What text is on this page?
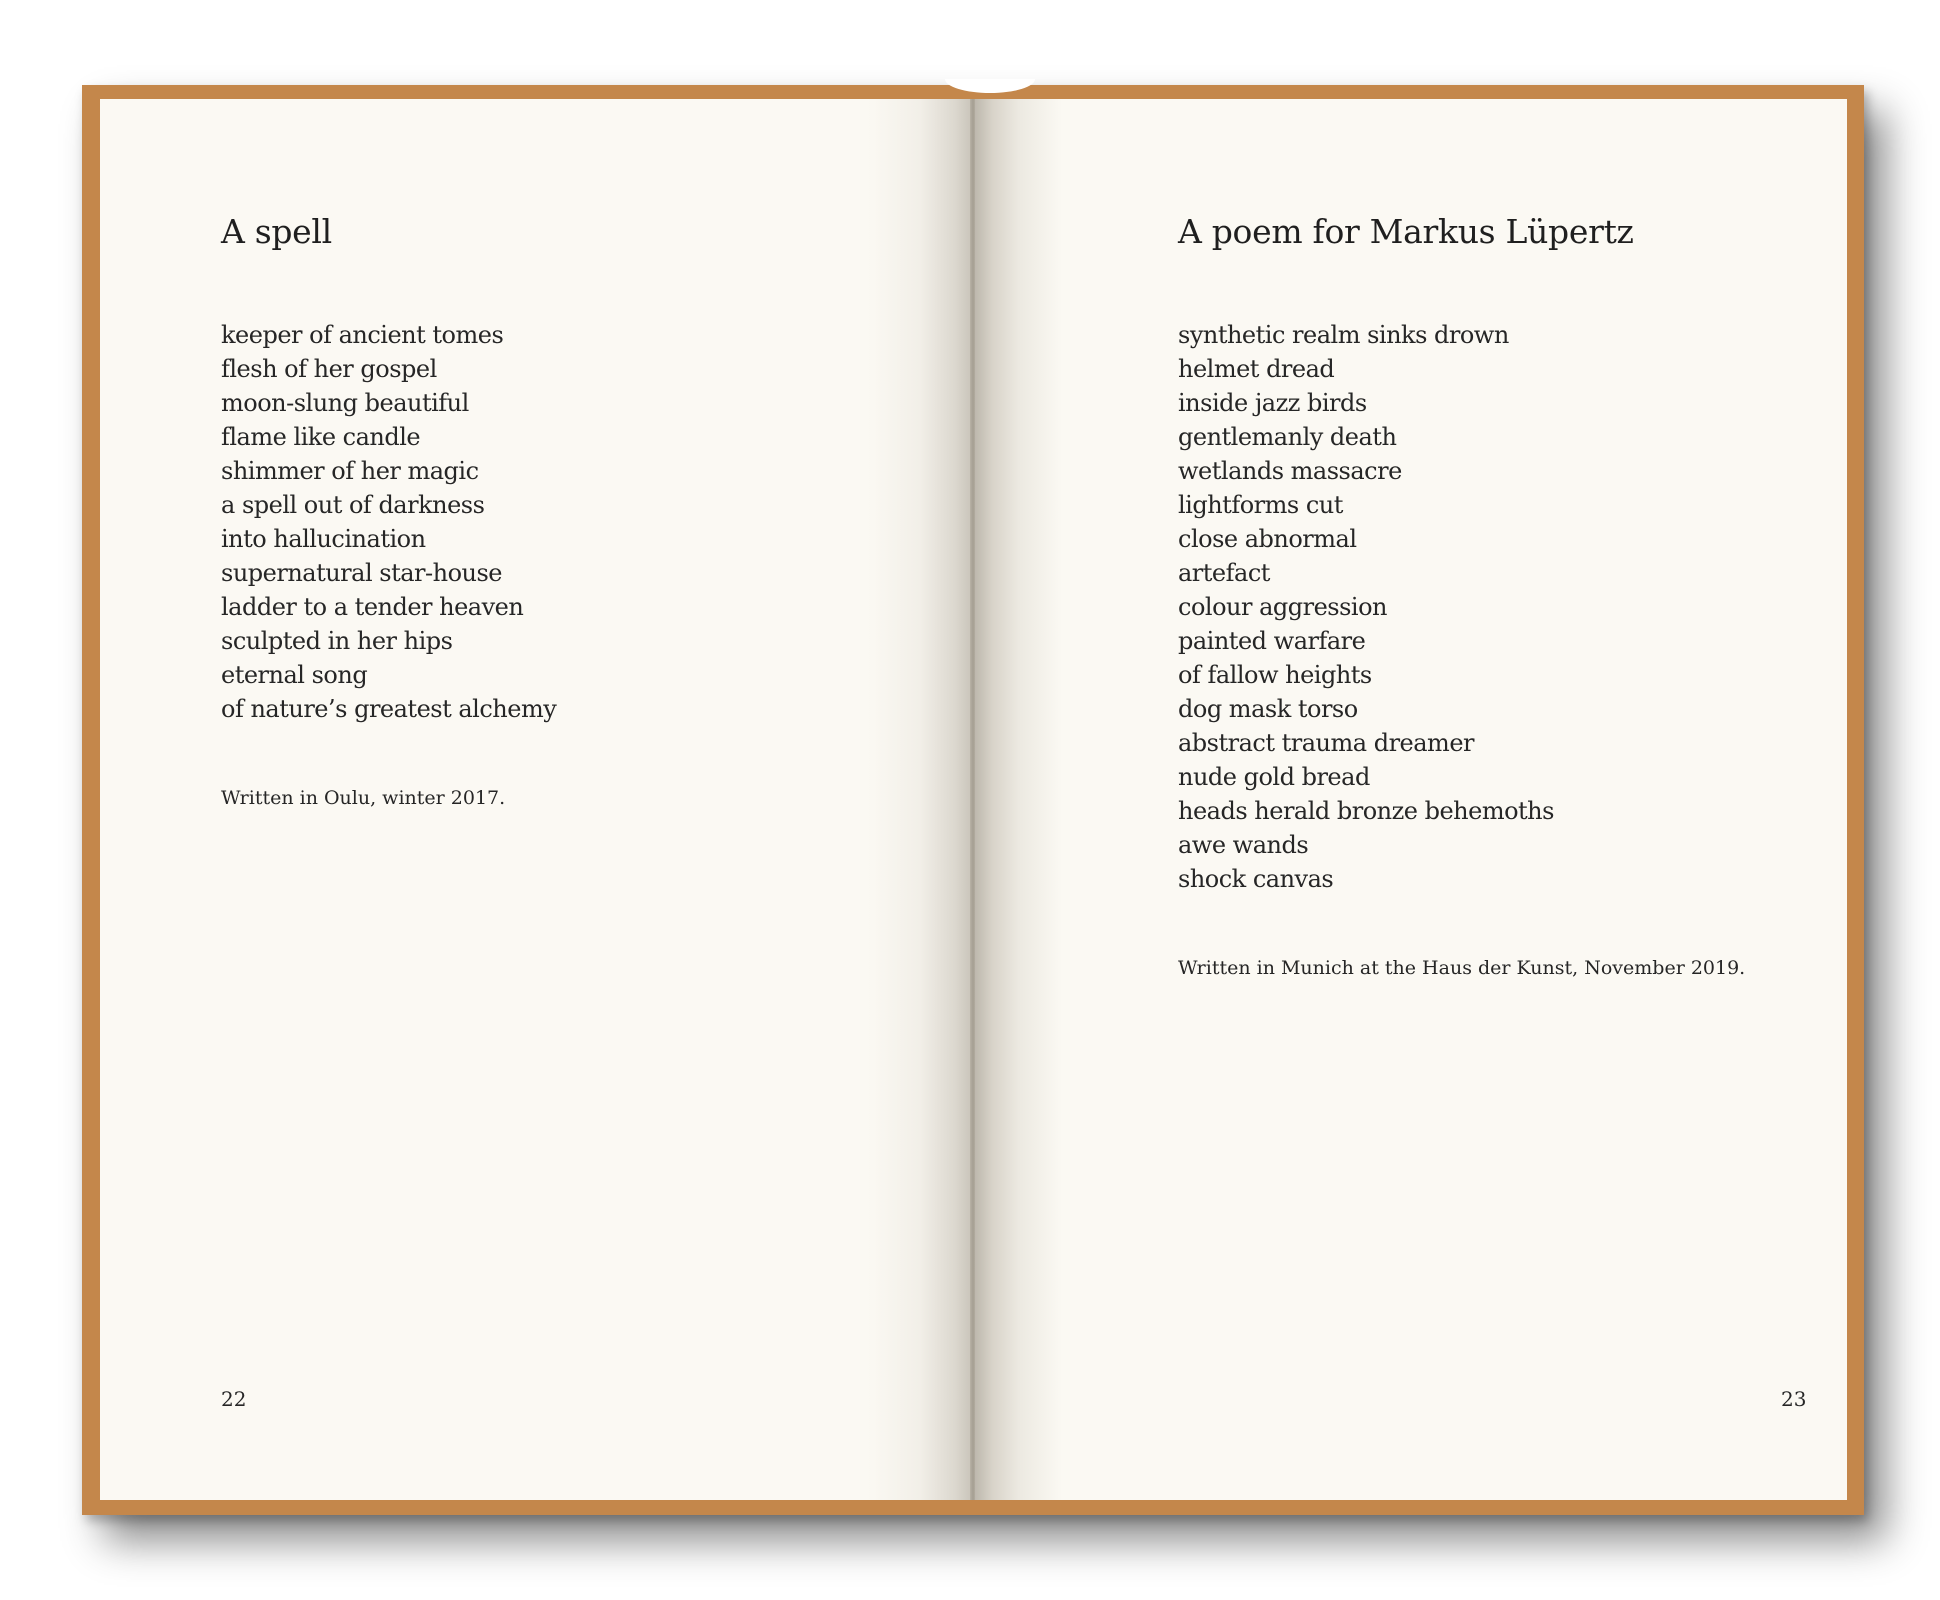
A spell
keeper of ancient tomes
flesh of her gospel
moon-slung beautiful
flame like candle
shimmer of her magic
a spell out of darkness
into hallucination
supernatural star-house
ladder to a tender heaven
sculpted in her hips
eternal song
of nature’s greatest alchemy
Written in Oulu, winter 2017.
22
A poem for Markus Lüpertz
synthetic realm sinks drown
helmet dread
inside jazz birds
gentlemanly death
wetlands massacre
lightforms cut
close abnormal
artefact
colour aggression
painted warfare
of fallow heights
dog mask torso
abstract trauma dreamer
nude gold bread
heads herald bronze behemoths
awe wands
shock canvas
Written in Munich at the Haus der Kunst, November 2019.
23
